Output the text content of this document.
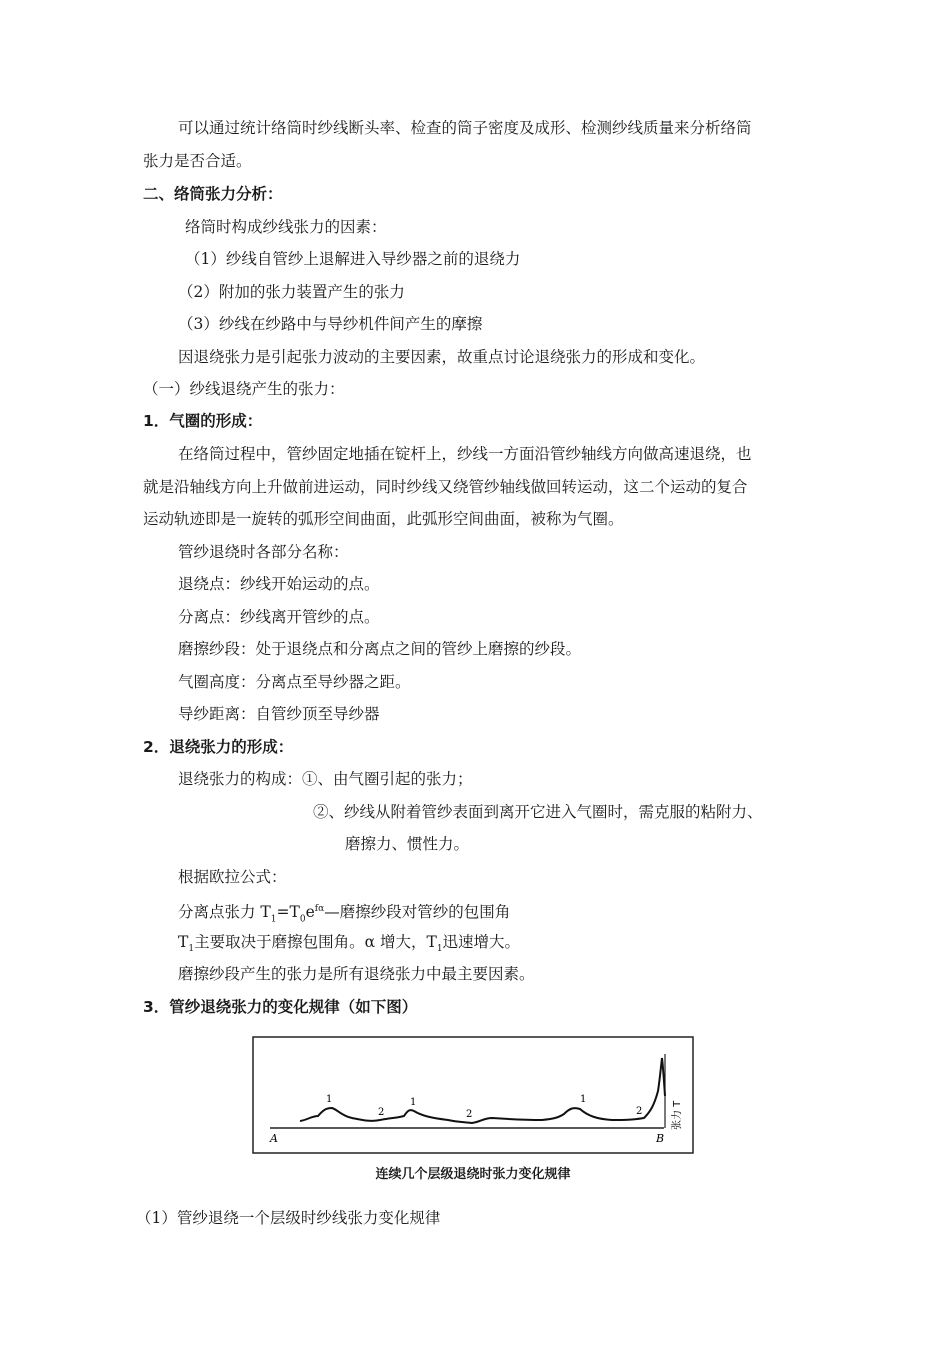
可以通过统计络筒时纱线断头率、检查的筒子密度及成形、检测纱线质量来分析络筒
张力是否合适。
二、络筒张力分析：
络筒时构成纱线张力的因素：
（1）纱线自管纱上退解进入导纱器之前的退绕力
（2）附加的张力装置产生的张力
（3）纱线在纱路中与导纱机件间产生的摩擦
因退绕张力是引起张力波动的主要因素，故重点讨论退绕张力的形成和变化。
（一）纱线退绕产生的张力：
1．气圈的形成：
在络筒过程中，管纱固定地插在锭杆上，纱线一方面沿管纱轴线方向做高速退绕，也
就是沿轴线方向上升做前进运动，同时纱线又绕管纱轴线做回转运动，这二个运动的复合
运动轨迹即是一旋转的弧形空间曲面，此弧形空间曲面，被称为气圈。
管纱退绕时各部分名称：
退绕点：纱线开始运动的点。
分离点：纱线离开管纱的点。
磨擦纱段：处于退绕点和分离点之间的管纱上磨擦的纱段。
气圈高度：分离点至导纱器之距。
导纱距离：自管纱顶至导纱器
2．退绕张力的形成：
退绕张力的构成：①、由气圈引起的张力；
②、纱线从附着管纱表面到离开它进入气圈时，需克服的粘附力、
磨擦力、惯性力。
根据欧拉公式：
分离点张力 $T_1=T_0e^{f\alpha}—$磨擦纱段对管纱的包围角
$T_1$主要取决于磨擦包围角。α 增大，$T_1$迅速增大。
磨擦纱段产生的张力是所有退绕张力中最主要因素。
3．管纱退绕张力的变化规律（如下图）
1
2
1
2
1
2
A	B
张力 T
连续几个层级退绕时张力变化规律
（1）管纱退绕一个层级时纱线张力变化规律
